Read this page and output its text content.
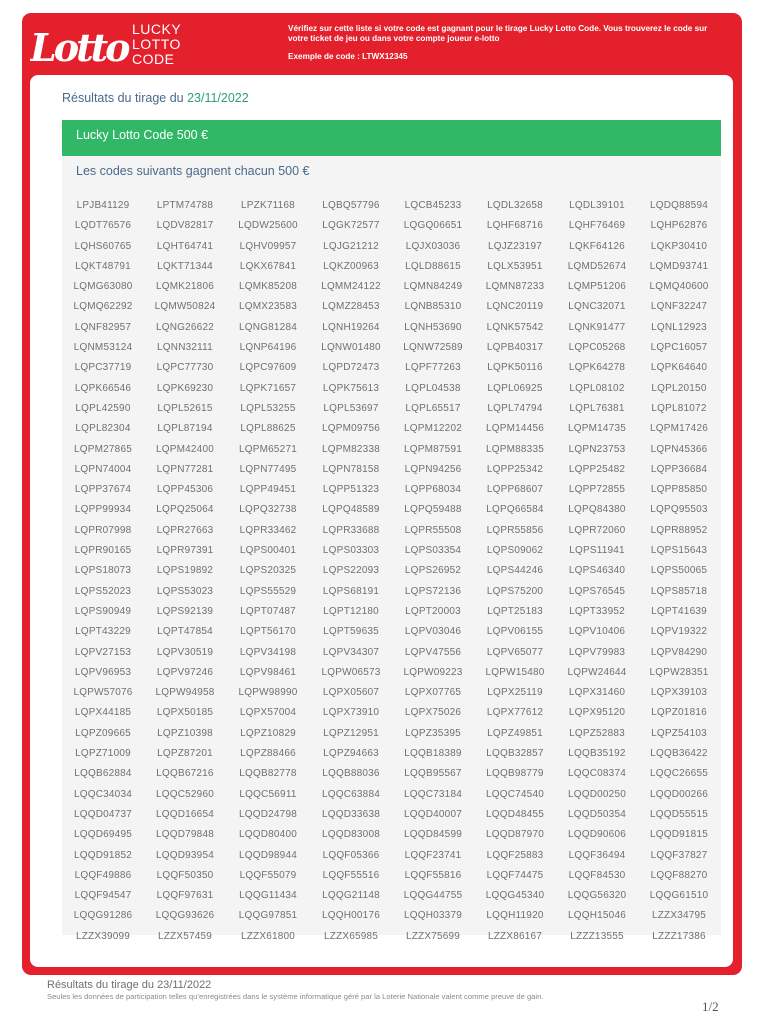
Lotto LUCKY
LOTTO
CODE
Vérifiez sur cette liste si votre code est gagnant pour le tirage Lucky Lotto Code. Vous trouverez le code sur votre ticket de jeu ou dans votre compte joueur e-lotto
Exemple de code : LTWX12345
Résultats du tirage du 23/11/2022
Lucky Lotto Code 500 €
Les codes suivants gagnent chacun 500 €
LPJB41129	LPTM74788	LPZK71168	LQBQ57796	LQCB45233	LQDL32658	LQDL39101	LQDQ88594
LQDT76576	LQDV82817	LQDW25600	LQGK72577	LQGQ06651	LQHF68716	LQHF76469	LQHP62876
LQHS60765	LQHT64741	LQHV09957	LQJG21212	LQJX03036	LQJZ23197	LQKF64126	LQKP30410
LQKT48791	LQKT71344	LQKX67841	LQKZ00963	LQLD88615	LQLX53951	LQMD52674	LQMD93741
LQMG63080	LQMK21806	LQMK85208	LQMM24122	LQMN84249	LQMN87233	LQMP51206	LQMQ40600
LQMQ62292	LQMW50824	LQMX23583	LQMZ28453	LQNB85310	LQNC20119	LQNC32071	LQNF32247
LQNF82957	LQNG26622	LQNG81284	LQNH19264	LQNH53690	LQNK57542	LQNK91477	LQNL12923
LQNM53124	LQNN32111	LQNP64196	LQNW01480	LQNW72589	LQPB40317	LQPC05268	LQPC16057
LQPC37719	LQPC77730	LQPC97609	LQPD72473	LQPF77263	LQPK50116	LQPK64278	LQPK64640
LQPK66546	LQPK69230	LQPK71657	LQPK75613	LQPL04538	LQPL06925	LQPL08102	LQPL20150
LQPL42590	LQPL52615	LQPL53255	LQPL53697	LQPL65517	LQPL74794	LQPL76381	LQPL81072
LQPL82304	LQPL87194	LQPL88625	LQPM09756	LQPM12202	LQPM14456	LQPM14735	LQPM17426
LQPM27865	LQPM42400	LQPM65271	LQPM82338	LQPM87591	LQPM88335	LQPN23753	LQPN45366
LQPN74004	LQPN77281	LQPN77495	LQPN78158	LQPN94256	LQPP25342	LQPP25482	LQPP36684
LQPP37674	LQPP45306	LQPP49451	LQPP51323	LQPP68034	LQPP68607	LQPP72855	LQPP85850
LQPP99934	LQPQ25064	LQPQ32738	LQPQ48589	LQPQ59488	LQPQ66584	LQPQ84380	LQPQ95503
LQPR07998	LQPR27663	LQPR33462	LQPR33688	LQPR55508	LQPR55856	LQPR72060	LQPR88952
LQPR90165	LQPR97391	LQPS00401	LQPS03303	LQPS03354	LQPS09062	LQPS11941	LQPS15643
LQPS18073	LQPS19892	LQPS20325	LQPS22093	LQPS26952	LQPS44246	LQPS46340	LQPS50065
LQPS52023	LQPS53023	LQPS55529	LQPS68191	LQPS72136	LQPS75200	LQPS76545	LQPS85718
LQPS90949	LQPS92139	LQPT07487	LQPT12180	LQPT20003	LQPT25183	LQPT33952	LQPT41639
LQPT43229	LQPT47854	LQPT56170	LQPT59635	LQPV03046	LQPV06155	LQPV10406	LQPV19322
LQPV27153	LQPV30519	LQPV34198	LQPV34307	LQPV47556	LQPV65077	LQPV79983	LQPV84290
LQPV96953	LQPV97246	LQPV98461	LQPW06573	LQPW09223	LQPW15480	LQPW24644	LQPW28351
LQPW57076	LQPW94958	LQPW98990	LQPX05607	LQPX07765	LQPX25119	LQPX31460	LQPX39103
LQPX44185	LQPX50185	LQPX57004	LQPX73910	LQPX75026	LQPX77612	LQPX95120	LQPZ01816
LQPZ09665	LQPZ10398	LQPZ10829	LQPZ12951	LQPZ35395	LQPZ49851	LQPZ52883	LQPZ54103
LQPZ71009	LQPZ87201	LQPZ88466	LQPZ94663	LQQB18389	LQQB32857	LQQB35192	LQQB36422
LQQB62884	LQQB67216	LQQB82778	LQQB88036	LQQB95567	LQQB98779	LQQC08374	LQQC26655
LQQC34034	LQQC52960	LQQC56911	LQQC63884	LQQC73184	LQQC74540	LQQD00250	LQQD00266
LQQD04737	LQQD16654	LQQD24798	LQQD33638	LQQD40007	LQQD48455	LQQD50354	LQQD55515
LQQD69495	LQQD79848	LQQD80400	LQQD83008	LQQD84599	LQQD87970	LQQD90606	LQQD91815
LQQD91852	LQQD93954	LQQD98944	LQQF05366	LQQF23741	LQQF25883	LQQF36494	LQQF37827
LQQF49886	LQQF50350	LQQF55079	LQQF55516	LQQF55816	LQQF74475	LQQF84530	LQQF88270
LQQF94547	LQQF97631	LQQG11434	LQQG21148	LQQG44755	LQQG45340	LQQG56320	LQQG61510
LQQG91286	LQQG93626	LQQG97851	LQQH00176	LQQH03379	LQQH11920	LQQH15046	LZZX34795
LZZX39099	LZZX57459	LZZX61800	LZZX65985	LZZX75699	LZZX86167	LZZZ13555	LZZZ17386
Résultats du tirage du 23/11/2022
Seules les données de participation telles qu’enregistrées dans le système informatique géré par la Loterie Nationale valent comme preuve de gain.
1/2
